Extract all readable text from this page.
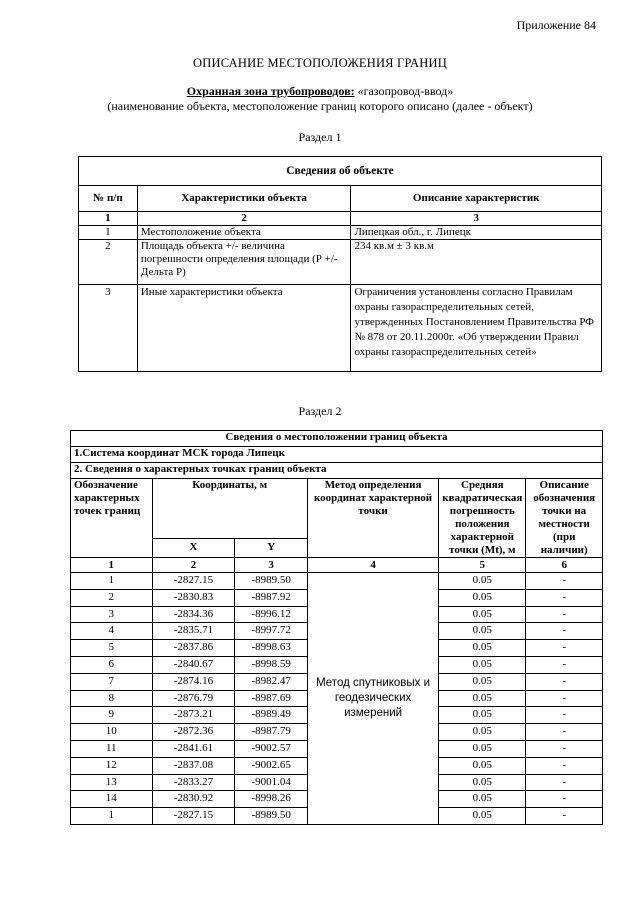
Приложение 84
ОПИСАНИЕ МЕСТОПОЛОЖЕНИЯ ГРАНИЦ
Охранная зона трубопроводов: «газопровод-ввод»
(наименование объекта, местоположение границ которого описано (далее - объект)
Раздел 1
Сведения об объекте		
№ п/п	Характеристики объекта	Описание характеристик
1	2	3
1	Местоположение объекта	Липецкая обл., г. Липецк
2	Площадь объекта +/- величина погрешности определения площади (Р +/- Дельта Р)	234 кв.м ± 3 кв.м
3	Иные характеристики объекта	Ограничения установлены согласно Правилам охраны газораспределительных сетей, утвержденных Постановлением Правительства РФ № 878 от 20.11.2000г. «Об утверждении Правил охраны газораспределительных сетей»
Раздел 2
Сведения о местоположении границ объекта					
1.Система координат МСК города Липецк					
2. Сведения о характерных точках границ объекта					
Обозначение характерных точек границ	Координаты, м		Метод определения координат характерной точки	Средняя квадратическая погрешность положения характерной точки (Mt), м	Описание обозначения точки на местности (при наличии)
	X	Y			
1	2	3	4	5	6
1	-2827.15	-8989.50	Метод спутниковых и геодезических измерений	0.05	-
2	-2830.83	-8987.92		0.05	-
3	-2834.36	-8996.12		0.05	-
4	-2835.71	-8997.72		0.05	-
5	-2837.86	-8998.63		0.05	-
6	-2840.67	-8998.59		0.05	-
7	-2874.16	-8982.47		0.05	-
8	-2876.79	-8987.69		0.05	-
9	-2873.21	-8989.49		0.05	-
10	-2872.36	-8987.79		0.05	-
11	-2841.61	-9002.57		0.05	-
12	-2837.08	-9002.65		0.05	-
13	-2833.27	-9001.04		0.05	-
14	-2830.92	-8998.26		0.05	-
1	-2827.15	-8989.50		0.05	-
